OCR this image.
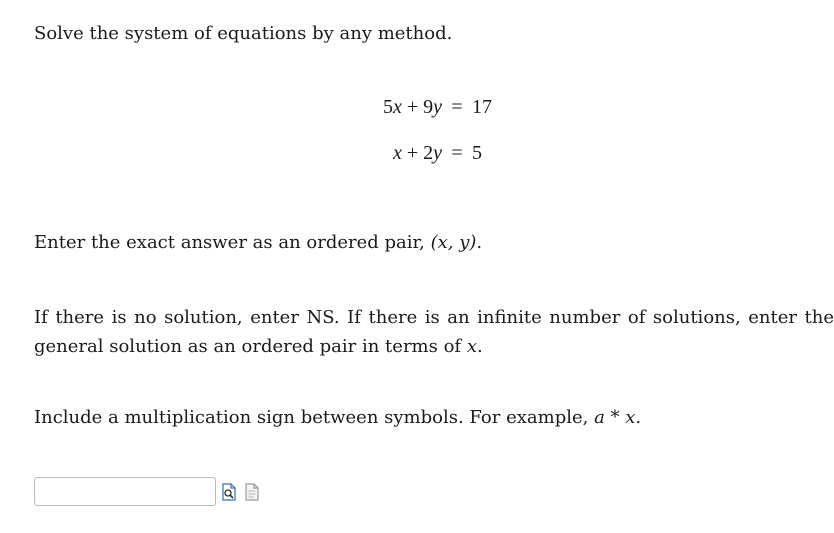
Solve the system of equations by any method.
5x + 9y = 17
x + 2y = 5
Enter the exact answer as an ordered pair, (x, y).
If there is no solution, enter NS. If there is an infinite number of solutions, enter the general solution as an ordered pair in terms of x.
Include a multiplication sign between symbols. For example, a * x.
